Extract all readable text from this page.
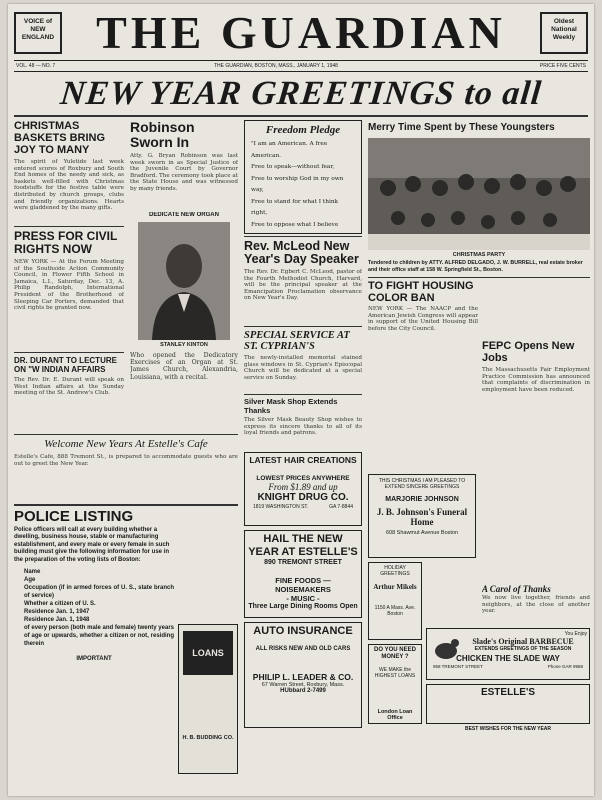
VOICE of NEW ENGLAND THE GUARDIAN	Oldest National Weekly
VOL. 48 — NO. 7	THE GUARDIAN, BOSTON, MASS., JANUARY 1, 1948	PRICE FIVE CENTS
NEW YEAR GREETINGS to all
CHRISTMAS BASKETS BRING JOY TO MANY
The spirit of Yuletide last week entered scores of Roxbury and South End homes of the needy and sick, as baskets well-filled with Christmas foodstuffs for the festive table were distributed by church groups, clubs and friendly organizations. Hearts were gladdened by the many gifts.
PRESS FOR CIVIL RIGHTS NOW
NEW YORK — At the Forum Meeting of the Southside Action Community Council, in Flower Fifth School in Jamaica, L.I., Saturday, Dec. 13, A. Philip Randolph, International President of the Brotherhood of Sleeping Car Porters, demanded that civil rights be granted now.
DR. DURANT TO LECTURE ON "W INDIAN AFFAIRS
The Rev. Dr. E. Durant will speak on West Indian affairs at the Sunday meeting of the St. Andrew's Club.
Robinson Sworn In
Atty. G. Bryan Robinson was last week sworn in as Special Justice of the Juvenile Court by Governor Bradford. The ceremony took place at the State House and was witnessed by many friends.
DEDICATE NEW ORGAN
STANLEY KINTON
Who opened the Dedicatory Exercises of an Organ at St. James Church, Alexandria, Louisiana, with a recital.
Freedom Pledge
"I am an American. A free American.
Free to speak—without fear,
Free to worship God in my own way,
Free to stand for what I think right,
Free to oppose what I believe
Merry Time Spent by These Youngsters
CHRISTMAS PARTY
Tendered to children by ATTY. ALFRED DELGADO, J. W. BURRELL, real estate broker and their office staff at 158 W. Springfield St., Boston.
Rev. McLeod New Year's Day Speaker
The Rev. Dr. Egbert C. McLeod, pastor of the Fourth Methodist Church, Harvard, will be the principal speaker at the Emancipation Proclamation observance on New Year's Day.
SPECIAL SERVICE AT ST. CYPRIAN'S
The newly-installed memorial stained glass windows in St. Cyprian's Episcopal Church will be dedicated at a special service on Sunday.
Silver Mask Shop Extends Thanks
The Silver Mask Beauty Shop wishes to express its sincere thanks to all of its loyal friends and patrons.
TO FIGHT HOUSING COLOR BAN
NEW YORK — The NAACP and the American Jewish Congress will appear in support of the United Housing Bill before the City Council.
FEPC Opens New Jobs
The Massachusetts Fair Employment Practice Commission has announced that complaints of discrimination in employment have been reduced.
Welcome New Years At Estelle's Cafe
Estelle's Cafe, 888 Tremont St., is prepared to accommodate guests who are out to greet the New Year.
POLICE LISTING
Police officers will call at every building whether a dwelling, business house, stable or manufacturing establishment, and every male or every female in such building must give the following information for use in the preparation of the voting lists of Boston:
Name
Age
Occupation (if in armed forces of U. S., state branch of service)
Whether a citizen of U. S.
Residence Jan. 1, 1947
Residence Jan. 1, 1948
of every person (both male and female) twenty years of age or upwards, whether a citizen or not, residing therein
IMPORTANT
LOANS
H. B. BUDDING CO.
LATEST HAIR CREATIONS
LOWEST PRICES ANYWHERE
From $1.89 and up
KNIGHT DRUG CO.
1819 WASHINGTON ST.	GA 7-8844
HAIL THE NEW YEAR AT ESTELLE'S
890 TREMONT STREET
FINE FOODS — NOISEMAKERS
- MUSIC -
Three Large Dining Rooms Open
AUTO INSURANCE
ALL RISKS NEW AND OLD CARS
PHILIP L. LEADER & CO.
67 Warren Street, Roxbury, Mass.
HUbbard 2-7499
THIS CHRISTMAS I AM PLEASED TO EXTEND SINCERE GREETINGS
MARJORIE JOHNSON
J. B. Johnson's Funeral Home
608 Shawmut Avenue Boston
HOLIDAY GREETINGS
Arthur Mikels
1150 A Mass. Ave. Boston
DO YOU NEED MONEY ?
WE MAKE the HIGHEST LOANS
London Loan Office
A Carol of Thanks
We now live together, friends and neighbors, at the close of another year.
You Enjoy
Slade's Original BARBECUE
EXTENDS GREETINGS OF THE SEASON
CHICKEN THE SLADE WAY
958 TREMONT STREET	Phone GAR 9988
ESTELLE'S
BEST WISHES FOR THE NEW YEAR
